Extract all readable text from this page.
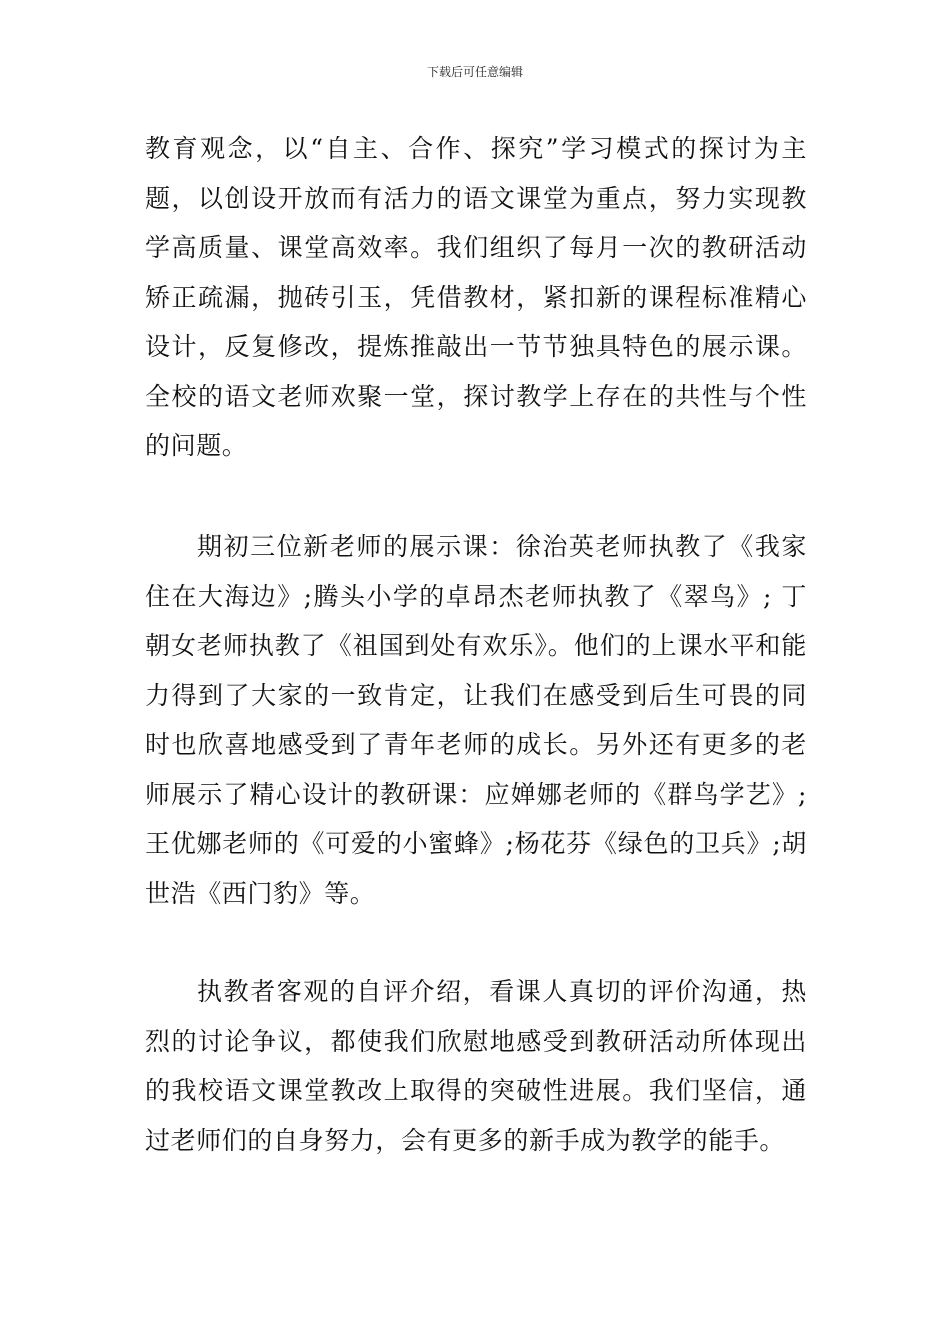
下载后可任意编辑

教育观念，以“自主、合作、探究”学习模式的探讨为主题，以创设开放而有活力的语文课堂为重点，努力实现教学高质量、课堂高效率。我们组织了每月一次的教研活动矫正疏漏，抛砖引玉，凭借教材，紧扣新的课程标准精心设计，反复修改，提炼推敲出一节节独具特色的展示课。全校的语文老师欢聚一堂，探讨教学上存在的共性与个性的问题。

期初三位新老师的展示课：徐治英老师执教了《我家住在大海边》;腾头小学的卓昂杰老师执教了《翠鸟》; 丁朝女老师执教了《祖国到处有欢乐》。他们的上课水平和能力得到了大家的一致肯定，让我们在感受到后生可畏的同时也欣喜地感受到了青年老师的成长。另外还有更多的老师展示了精心设计的教研课：应婵娜老师的《群鸟学艺》;王优娜老师的《可爱的小蜜蜂》;杨花芬《绿色的卫兵》;胡世浩《西门豹》等。

执教者客观的自评介绍，看课人真切的评价沟通，热烈的讨论争议，都使我们欣慰地感受到教研活动所体现出的我校语文课堂教改上取得的突破性进展。我们坚信，通过老师们的自身努力，会有更多的新手成为教学的能手。
